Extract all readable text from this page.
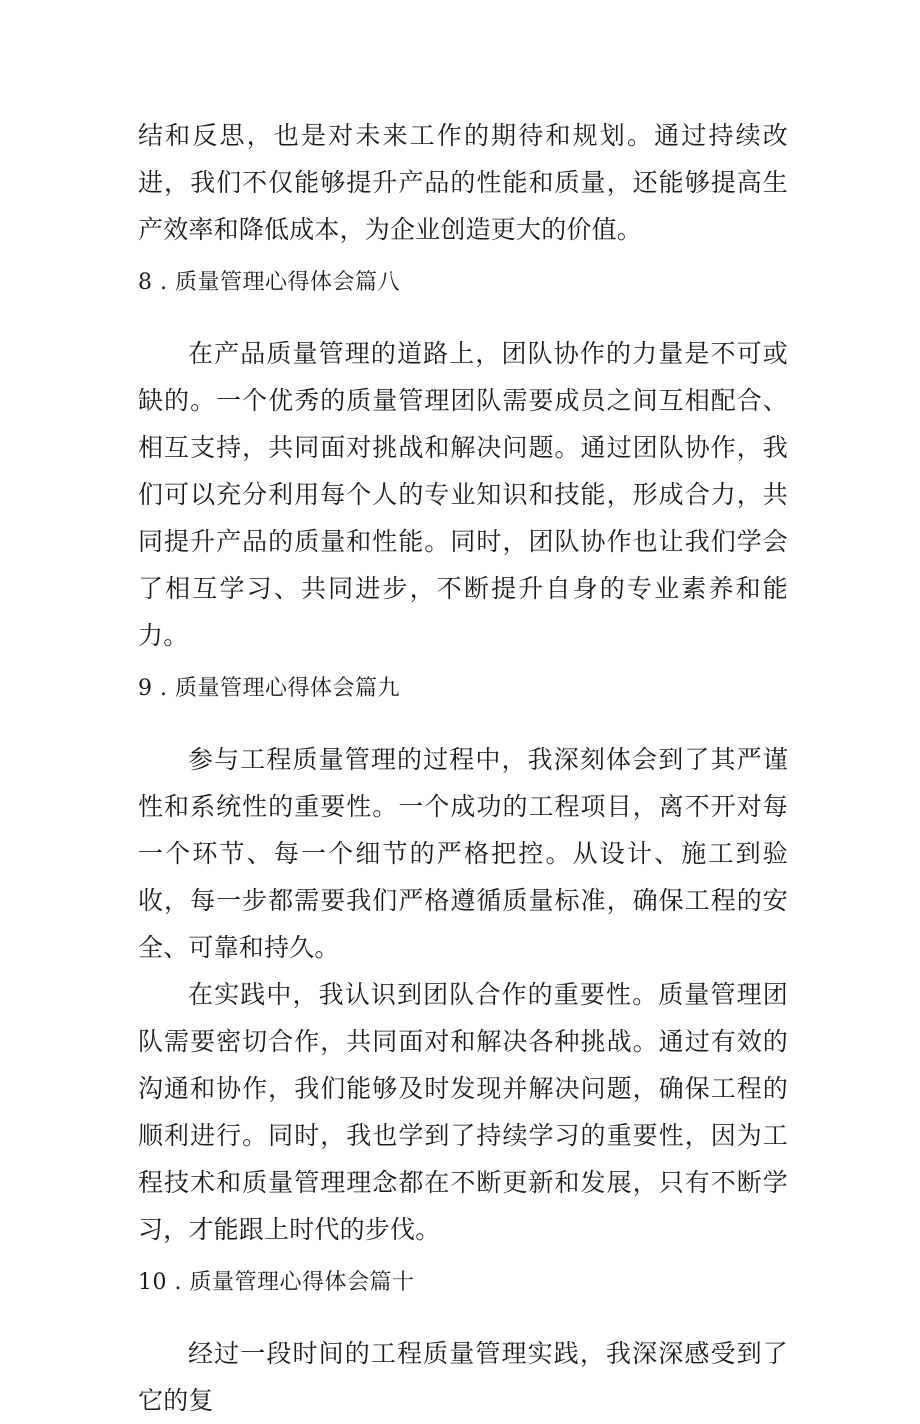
结和反思，也是对未来工作的期待和规划。通过持续改进，我们不仅能够提升产品的性能和质量，还能够提高生产效率和降低成本，为企业创造更大的价值。

8 . 质量管理心得体会篇八

在产品质量管理的道路上，团队协作的力量是不可或缺的。一个优秀的质量管理团队需要成员之间互相配合、相互支持，共同面对挑战和解决问题。通过团队协作，我们可以充分利用每个人的专业知识和技能，形成合力，共同提升产品的质量和性能。同时，团队协作也让我们学会了相互学习、共同进步，不断提升自身的专业素养和能力。

9 . 质量管理心得体会篇九

参与工程质量管理的过程中，我深刻体会到了其严谨性和系统性的重要性。一个成功的工程项目，离不开对每一个环节、每一个细节的严格把控。从设计、施工到验收，每一步都需要我们严格遵循质量标准，确保工程的安全、可靠和持久。

在实践中，我认识到团队合作的重要性。质量管理团队需要密切合作，共同面对和解决各种挑战。通过有效的沟通和协作，我们能够及时发现并解决问题，确保工程的顺利进行。同时，我也学到了持续学习的重要性，因为工程技术和质量管理理念都在不断更新和发展，只有不断学习，才能跟上时代的步伐。

10 . 质量管理心得体会篇十

经过一段时间的工程质量管理实践，我深深感受到了它的复
